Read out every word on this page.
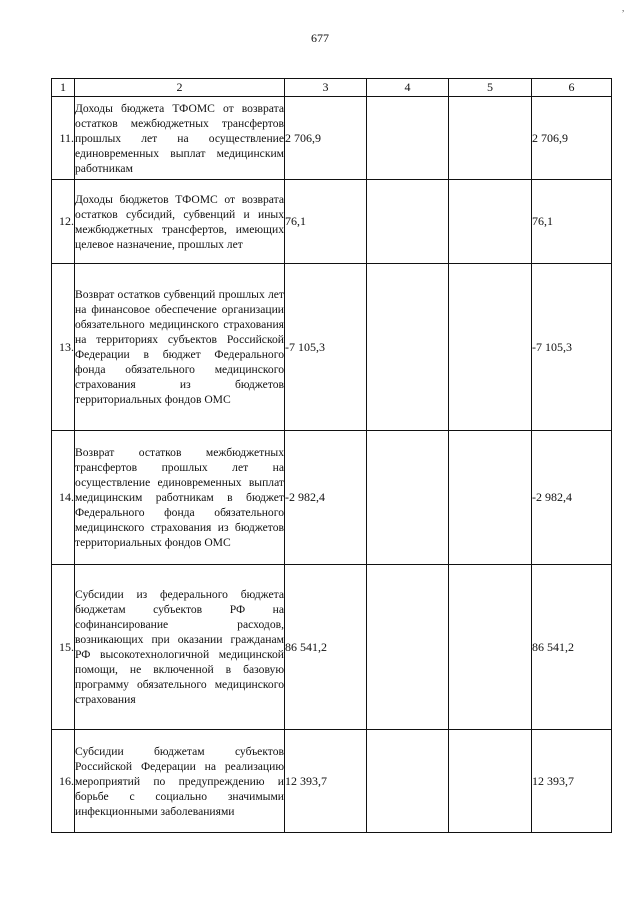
677
,
1	2	3	4	5	6
11.	Доходы бюджета ТФОМС от возврата остатков межбюджетных трансфертов прошлых лет на осуществление единовременных выплат медицинским работникам	2 706,9			2 706,9
12.	Доходы бюджетов ТФОМС от возврата остатков субсидий, субвенций и иных межбюджетных трансфертов, имеющих целевое назначение, прошлых лет	76,1			76,1
13.	Возврат остатков субвенций прошлых лет на финансовое обеспечение организации обязательного медицинского страхования на территориях субъектов Российской Федерации в бюджет Федерального фонда обязательного медицинского страхования из бюджетов территориальных фондов ОМС	-7 105,3			-7 105,3
14.	Возврат остатков межбюджетных трансфертов прошлых лет на осуществление единовременных выплат медицинским работникам в бюджет Федерального фонда обязательного медицинского страхования из бюджетов территориальных фондов ОМС	-2 982,4			-2 982,4
15.	Субсидии из федерального бюджета бюджетам субъектов РФ на софинансирование расходов, возникающих при оказании гражданам РФ высокотехнологичной медицинской помощи, не включенной в базовую программу обязательного медицинского страхования	86 541,2			86 541,2
16.	Субсидии бюджетам субъектов Российской Федерации на реализацию мероприятий по предупреждению и борьбе с социально значимыми инфекционными заболеваниями	12 393,7			12 393,7
